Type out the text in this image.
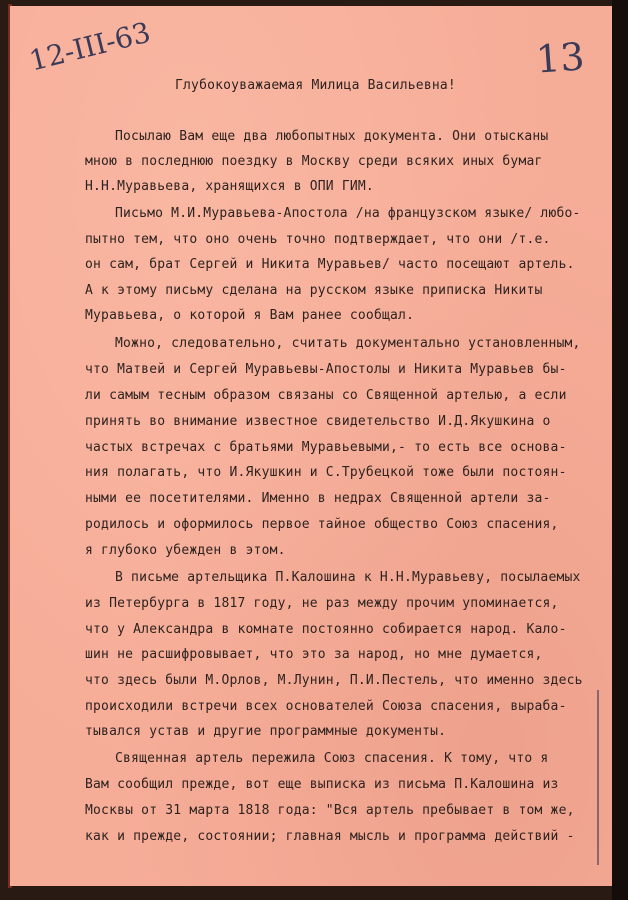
12-III-63	13
Глубокоуважаемая Милица Васильевна!
Посылаю Вам еще два любопытных документа. Они отысканы
мною в последнюю поездку в Москву среди всяких иных бумаг
Н.Н.Муравьева, хранящихся в ОПИ ГИМ.
Письмо М.И.Муравьева-Апостола /на французском языке/ любо-
пытно тем, что оно очень точно подтверждает, что они /т.е.
он сам, брат Сергей и Никита Муравьев/ часто посещают артель.
А к этому письму сделана на русском языке приписка Никиты
Муравьева, о которой я Вам ранее сообщал.
Можно, следовательно, считать документально установленным,
что Матвей и Сергей Муравьевы-Апостолы и Никита Муравьев бы-
ли самым тесным образом связаны со Священной артелью, а если
принять во внимание известное свидетельство И.Д.Якушкина о
частых встречах с братьями Муравьевыми,- то есть все основа-
ния полагать, что И.Якушкин и С.Трубецкой тоже были постоян-
ными ее посетителями. Именно в недрах Священной артели за-
родилось и оформилось первое тайное общество Союз спасения,
я глубоко убежден в этом.
В письме артельщика П.Калошина к Н.Н.Муравьеву, посылаемых
из Петербурга в 1817 году, не раз между прочим упоминается,
что у Александра в комнате постоянно собирается народ. Кало-
шин не расшифровывает, что это за народ, но мне думается,
что здесь были М.Орлов, М.Лунин, П.И.Пестель, что именно здесь
происходили встречи всех основателей Союза спасения, выраба-
тывался устав и другие программные документы.
Священная артель пережила Союз спасения. К тому, что я
Вам сообщил прежде, вот еще выписка из письма П.Калошина из
Москвы от 31 марта 1818 года: "Вся артель пребывает в том же,
как и прежде, состоянии; главная мысль и программа действий -
